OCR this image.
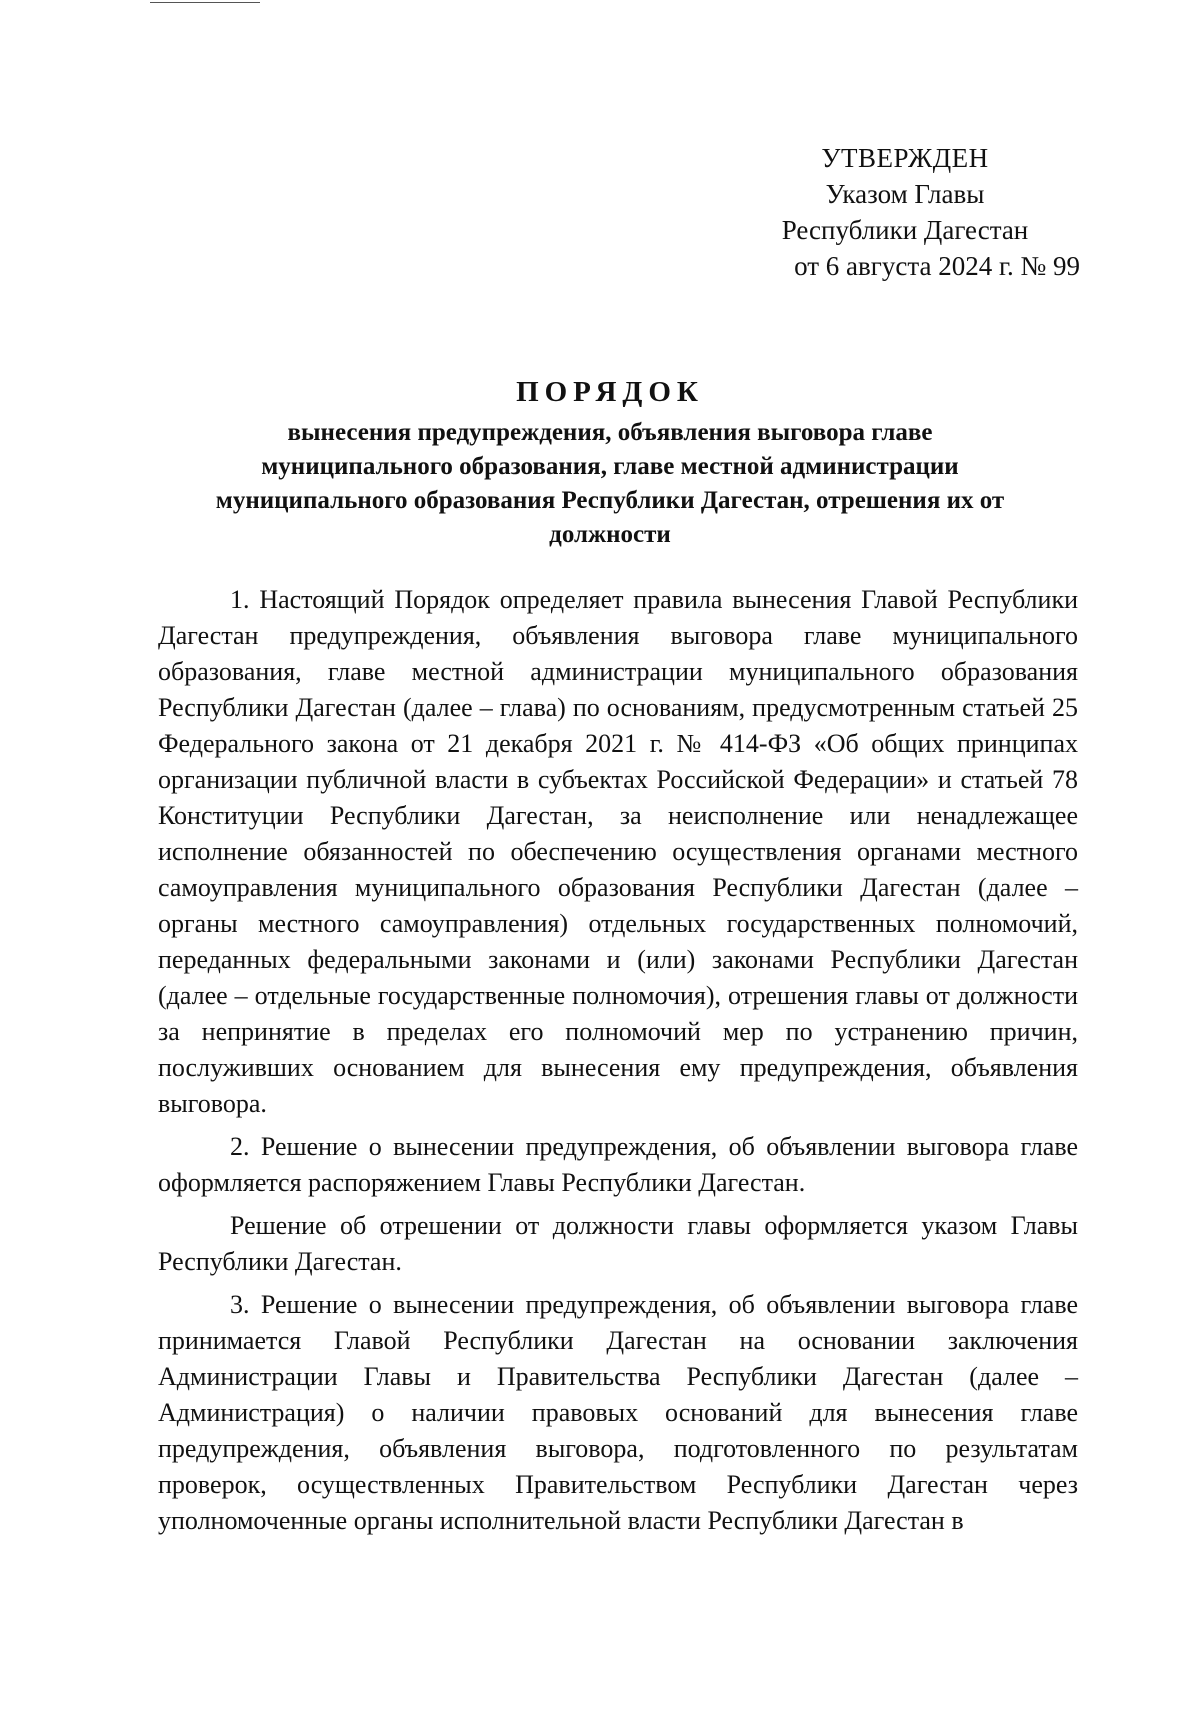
УТВЕРЖДЕН
Указом Главы
Республики Дагестан
от 6 августа 2024 г. № 99
ПОРЯДОК
вынесения предупреждения, объявления выговора главе муниципального образования, главе местной администрации муниципального образования Республики Дагестан, отрешения их от должности

1. Настоящий Порядок определяет правила вынесения Главой Республики Дагестан предупреждения, объявления выговора главе муниципального образования, главе местной администрации муниципального образования Республики Дагестан (далее – глава) по основаниям, предусмотренным статьей 25 Федерального закона от 21 декабря 2021 г. № 414-ФЗ «Об общих принципах организации публичной власти в субъектах Российской Федерации» и статьей 78 Конституции Республики Дагестан, за неисполнение или ненадлежащее исполнение обязанностей по обеспечению осуществления органами местного самоуправления муниципального образования Республики Дагестан (далее – органы местного самоуправления) отдельных государственных полномочий, переданных федеральными законами и (или) законами Республики Дагестан (далее – отдельные государственные полномочия), отрешения главы от должности за непринятие в пределах его полномочий мер по устранению причин, послуживших основанием для вынесения ему предупреждения, объявления выговора.

2. Решение о вынесении предупреждения, об объявлении выговора главе оформляется распоряжением Главы Республики Дагестан.

Решение об отрешении от должности главы оформляется указом Главы Республики Дагестан.

3. Решение о вынесении предупреждения, об объявлении выговора главе принимается Главой Республики Дагестан на основании заключения Администрации Главы и Правительства Республики Дагестан (далее – Администрация) о наличии правовых оснований для вынесения главе предупреждения, объявления выговора, подготовленного по результатам проверок, осуществленных Правительством Республики Дагестан через уполномоченные органы исполнительной власти Республики Дагестан в
